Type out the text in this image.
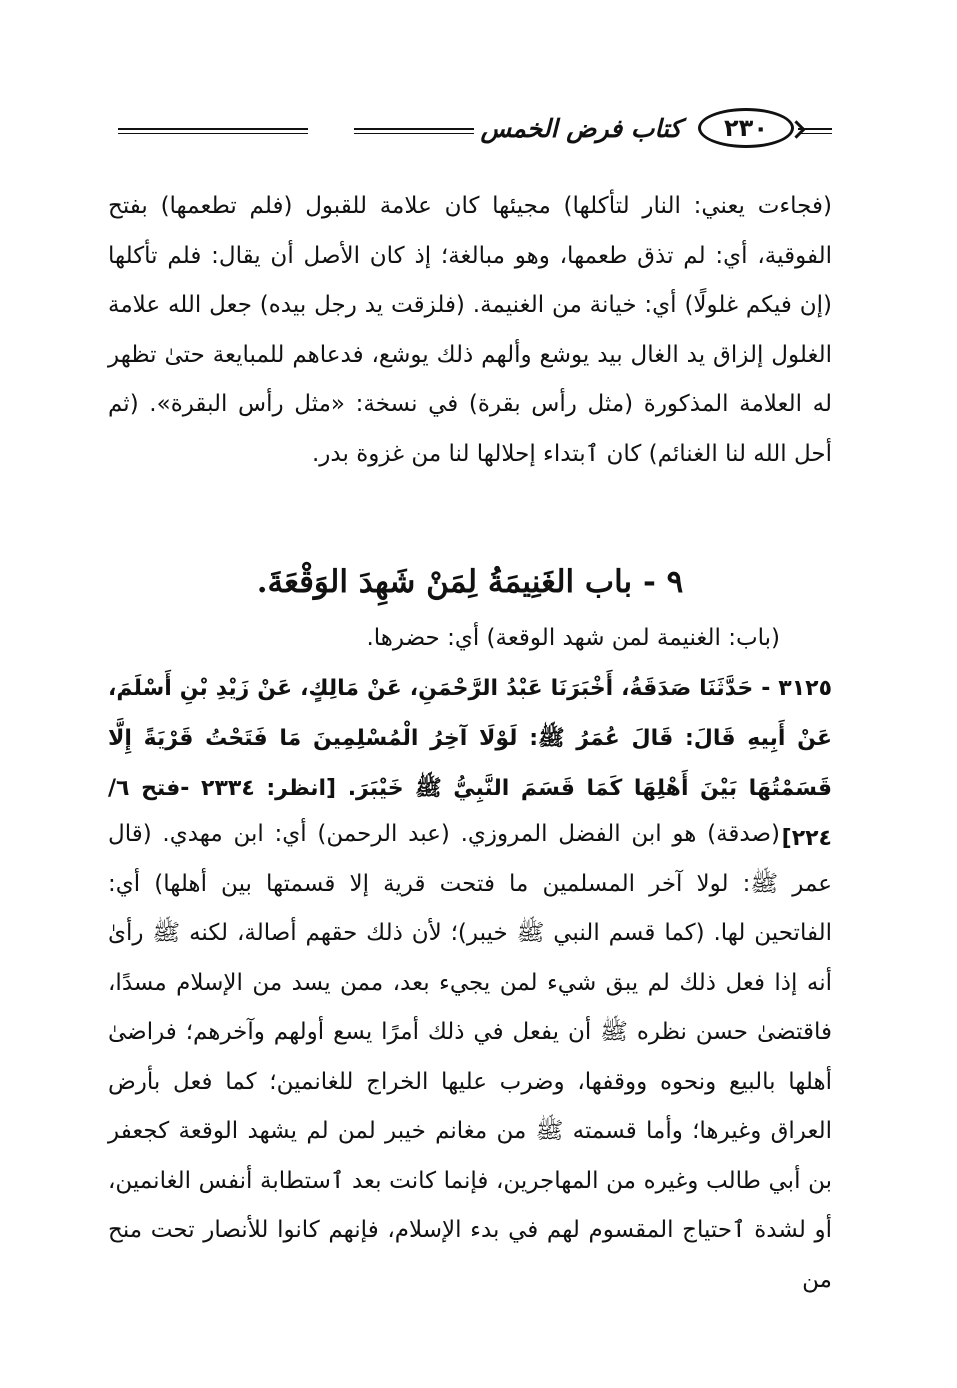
كتاب فرض الخمس	٢٣٠

(فجاءت يعني: النار لتأكلها) مجيئها كان علامة للقبول (فلم تطعمها) بفتح الفوقية، أي: لم تذق طعمها، وهو مبالغة؛ إذ كان الأصل أن يقال: فلم تأكلها (إن فيكم غلولًا) أي: خيانة من الغنيمة. (فلزقت يد رجل بيده) جعل الله علامة الغلول إلزاق يد الغال بيد يوشع وألهم ذلك يوشع، فدعاهم للمبايعة حتىٰ تظهر له العلامة المذكورة (مثل رأس بقرة) في نسخة: «مثل رأس البقرة». (ثم أحل الله لنا الغنائم) كان ٱبتداء إحلالها لنا من غزوة بدر.

٩ - باب الغَنِيمَةُ لِمَنْ شَهِدَ الوَقْعَةَ.

(باب: الغنيمة لمن شهد الوقعة) أي: حضرها.

٣١٢٥ - حَدَّثَنَا صَدَقَةُ، أَخْبَرَنَا عَبْدُ الرَّحْمَنِ، عَنْ مَالِكٍ، عَنْ زَيْدِ بْنِ أَسْلَمَ، عَنْ أَبِيهِ قَالَ: قَالَ عُمَرُ ﷺ: لَوْلَا آخِرُ الْمُسْلِمِينَ مَا فَتَحْتُ قَرْيَةً إِلَّا قَسَمْتُهَا بَيْنَ أَهْلِهَا كَمَا قَسَمَ النَّبِيُّ ﷺ خَيْبَرَ. [انظر: ٢٣٣٤ -فتح ٦/ ٢٢٤]

(صدقة) هو ابن الفضل المروزي. (عبد الرحمن) أي: ابن مهدي. (قال عمر ﷺ: لولا آخر المسلمين ما فتحت قرية إلا قسمتها بين أهلها) أي: الفاتحين لها. (كما قسم النبي ﷺ خيبر)؛ لأن ذلك حقهم أصالة، لكنه ﷺ رأىٰ أنه إذا فعل ذلك لم يبق شيء لمن يجيء بعد، ممن يسد من الإسلام مسدًا، فاقتضىٰ حسن نظره ﷺ أن يفعل في ذلك أمرًا يسع أولهم وآخرهم؛ فراضىٰ أهلها بالبيع ونحوه ووقفها، وضرب عليها الخراج للغانمين؛ كما فعل بأرض العراق وغيرها؛ وأما قسمته ﷺ من مغانم خيبر لمن لم يشهد الوقعة كجعفر بن أبي طالب وغيره من المهاجرين، فإنما كانت بعد ٱستطابة أنفس الغانمين، أو لشدة ٱحتياج المقسوم لهم في بدء الإسلام، فإنهم كانوا للأنصار تحت منح من
